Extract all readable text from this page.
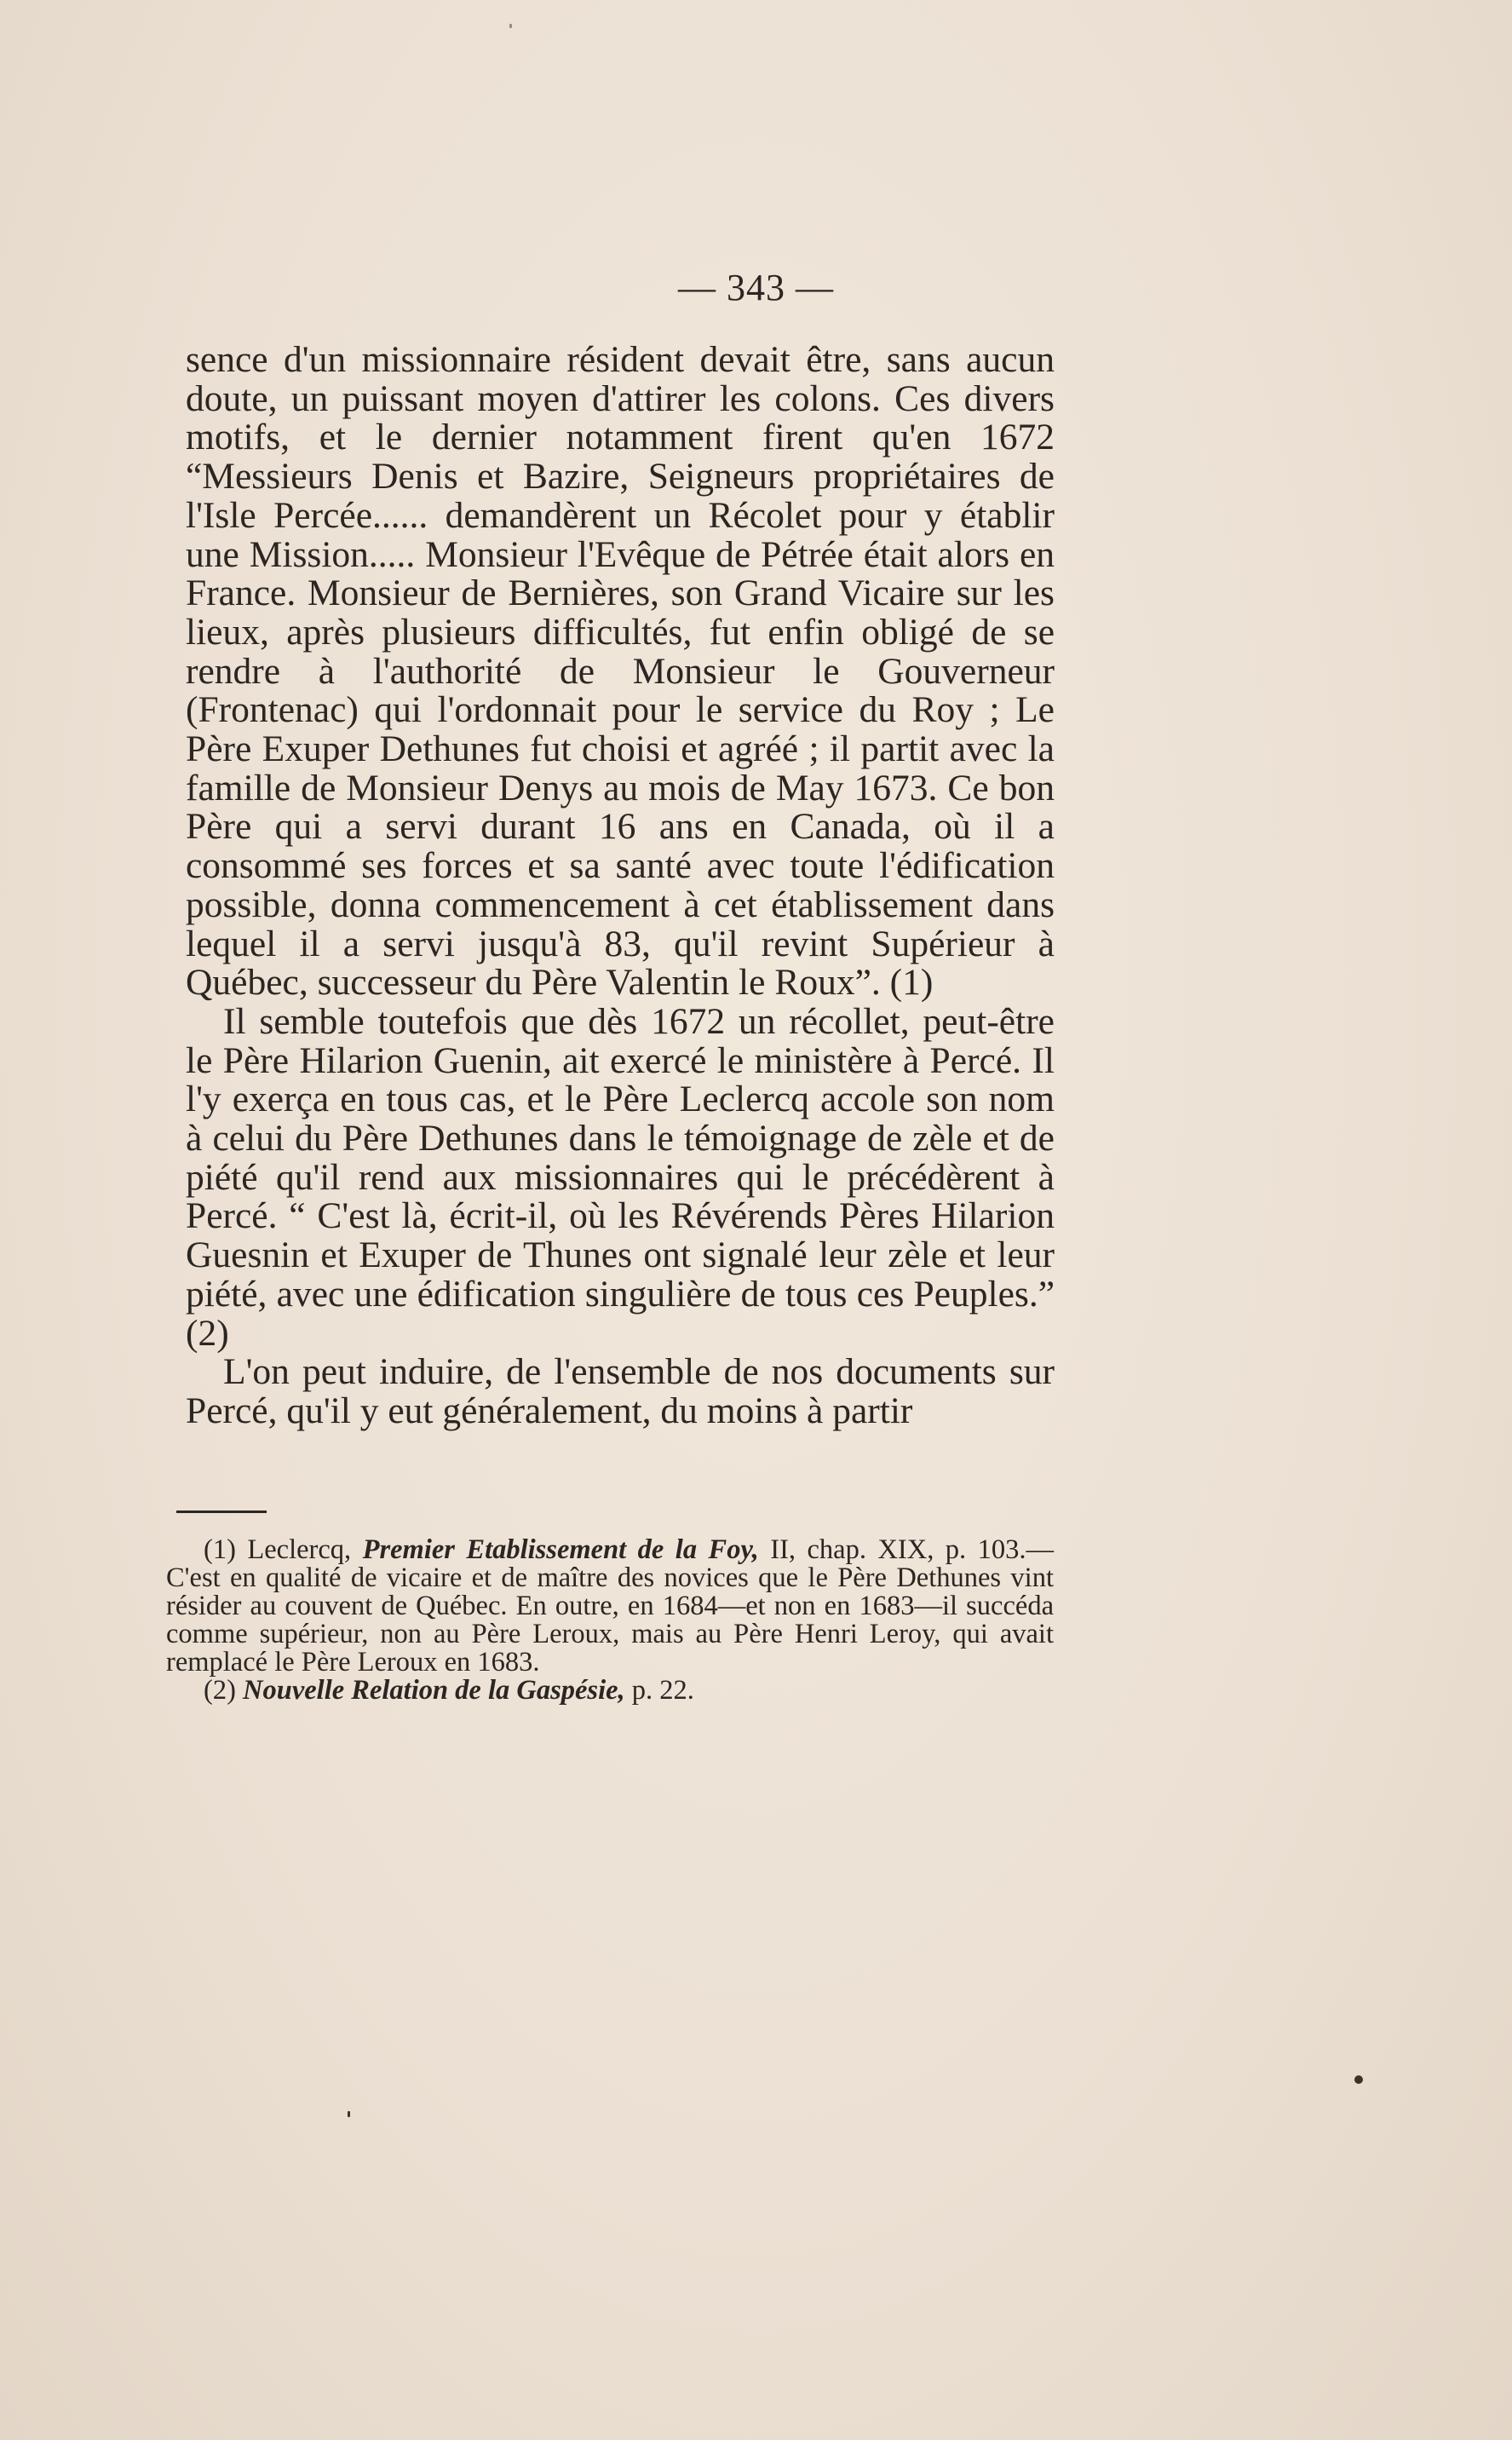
— 343 —

sence d'un missionnaire résident devait être, sans aucun doute, un puissant moyen d'attirer les colons. Ces divers motifs, et le dernier notamment firent qu'en 1672 “Messieurs Denis et Bazire, Seigneurs propriétaires de l'Isle Percée...... demandèrent un Récolet pour y établir une Mission..... Monsieur l'Evêque de Pétrée était alors en France. Monsieur de Bernières, son Grand Vicaire sur les lieux, après plusieurs difficultés, fut enfin obligé de se rendre à l'authorité de Monsieur le Gouverneur (Frontenac) qui l'ordonnait pour le service du Roy ; Le Père Exuper Dethunes fut choisi et agréé ; il partit avec la famille de Monsieur Denys au mois de May 1673. Ce bon Père qui a servi durant 16 ans en Canada, où il a consommé ses forces et sa santé avec toute l'édification possible, donna commencement à cet établissement dans lequel il a servi jusqu'à 83, qu'il revint Supérieur à Québec, successeur du Père Valentin le Roux”. (1)

Il semble toutefois que dès 1672 un récollet, peut-être le Père Hilarion Guenin, ait exercé le ministère à Percé. Il l'y exerça en tous cas, et le Père Leclercq accole son nom à celui du Père Dethunes dans le témoignage de zèle et de piété qu'il rend aux missionnaires qui le précédèrent à Percé. “ C'est là, écrit-il, où les Révérends Pères Hilarion Guesnin et Exuper de Thunes ont signalé leur zèle et leur piété, avec une édification singulière de tous ces Peuples.” (2)

L'on peut induire, de l'ensemble de nos documents sur Percé, qu'il y eut généralement, du moins à partir

(1) Leclercq, Premier Etablissement de la Foy, II, chap. XIX, p. 103.—C'est en qualité de vicaire et de maître des novices que le Père Dethunes vint résider au couvent de Québec. En outre, en 1684—et non en 1683—il succéda comme supérieur, non au Père Leroux, mais au Père Henri Leroy, qui avait remplacé le Père Leroux en 1683.

(2) Nouvelle Relation de la Gaspésie, p. 22.
